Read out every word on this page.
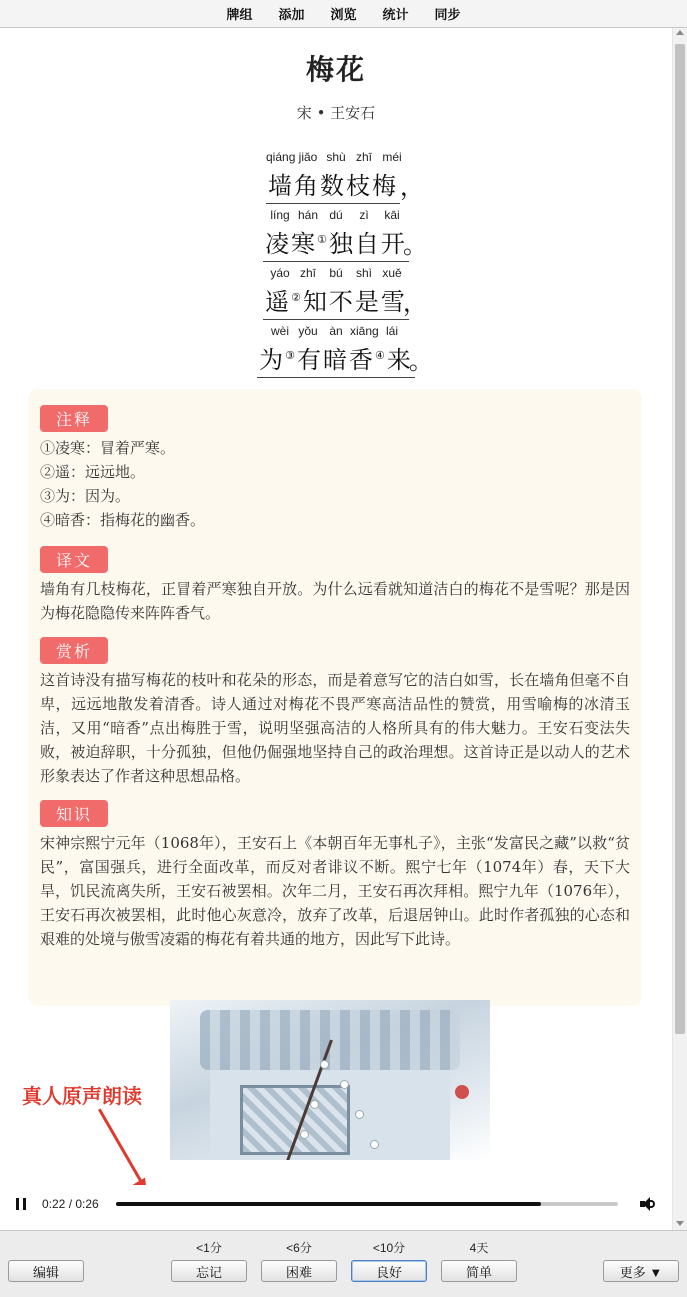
牌组	添加	浏览	统计	同步
梅花
宋 • 王安石
qiáng jiǎo shù zhī méi
墙角数枝梅 ，
líng hán dú	zì	kāi
凌寒①独自开
。
yáo zhī	bú	shì xuě
遥②知不是雪
，
wèi yǒu àn xiāng lái
为③有暗香④来
。
注释
①凌寒：冒着严寒。
②遥：远远地。
③为：因为。
④暗香：指梅花的幽香。
译文
墙角有几枝梅花，正冒着严寒独自开放。为什么远看就知道洁白的梅花不是雪呢？那是因为梅花隐隐传来阵阵香气。
赏析
这首诗没有描写梅花的枝叶和花朵的形态，而是着意写它的洁白如雪，长在墙角但毫不自卑，远远地散发着清香。诗人通过对梅花不畏严寒高洁品性的赞赏，用雪喻梅的冰清玉洁，又用“暗香”点出梅胜于雪，说明坚强高洁的人格所具有的伟大魅力。王安石变法失败，被迫辞职，十分孤独，但他仍倔强地坚持自己的政治理想。这首诗正是以动人的艺术形象表达了作者这种思想品格。
知识
宋神宗熙宁元年（1068年），王安石上《本朝百年无事札子》，主张“发富民之藏”以救“贫民”，富国强兵，进行全面改革，而反对者诽议不断。熙宁七年（1074年）春，天下大旱，饥民流离失所，王安石被罢相。次年二月，王安石再次拜相。熙宁九年（1076年），王安石再次被罢相，此时他心灰意冷，放弃了改革，后退居钟山。此时作者孤独的心态和艰难的处境与傲雪凌霜的梅花有着共通的地方，因此写下此诗。
真人原声朗读
0:22 / 0:26
编辑
<1分
忘记
<6分
困难
<10分
良好
4天
简单	更多 ▼
